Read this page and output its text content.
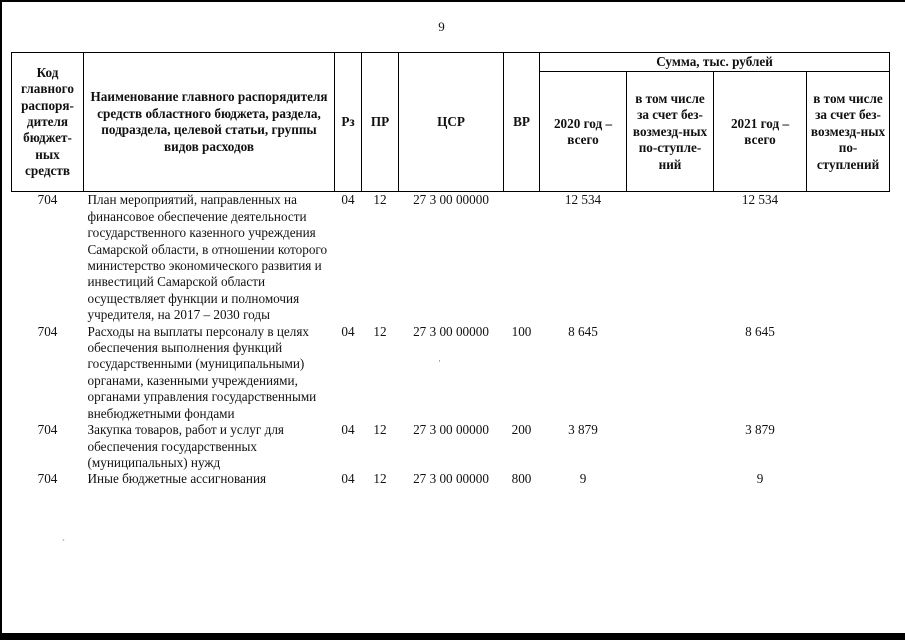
9
Код главного распоря-дителя бюджет-ных средств	Наименование главного распорядителя средств областного бюджета, раздела, подраздела, целевой статьи, группы видов расходов	Рз	ПР	ЦСР	ВР	Сумма, тыс. рублей			
						2020 год – всего	в том числе за счет без-возмезд-ных по-ступле-ний	2021 год – всего	в том числе за счет без-возмезд-ных по-ступлений
704	План мероприятий, направленных на финансовое обеспечение деятельности государственного казенного учреждения Самарской области, в отношении которого министерство экономического развития и инвестиций Самарской области осуществляет функции и полномочия учредителя, на 2017 – 2030 годы	04	12	27 3 00 00000		12 534		12 534	
704	Расходы на выплаты персоналу в целях обеспечения выполнения функций государственными (муниципальными) органами, казенными учреждениями, органами управления государственными внебюджетными фондами	04	12	27 3 00 00000	100	8 645		8 645	
704	Закупка товаров, работ и услуг для обеспечения государственных (муниципальных) нужд	04	12	27 3 00 00000	200	3 879		3 879	
704	Иные бюджетные ассигнования	04	12	27 3 00 00000	800	9		9	
`
·
